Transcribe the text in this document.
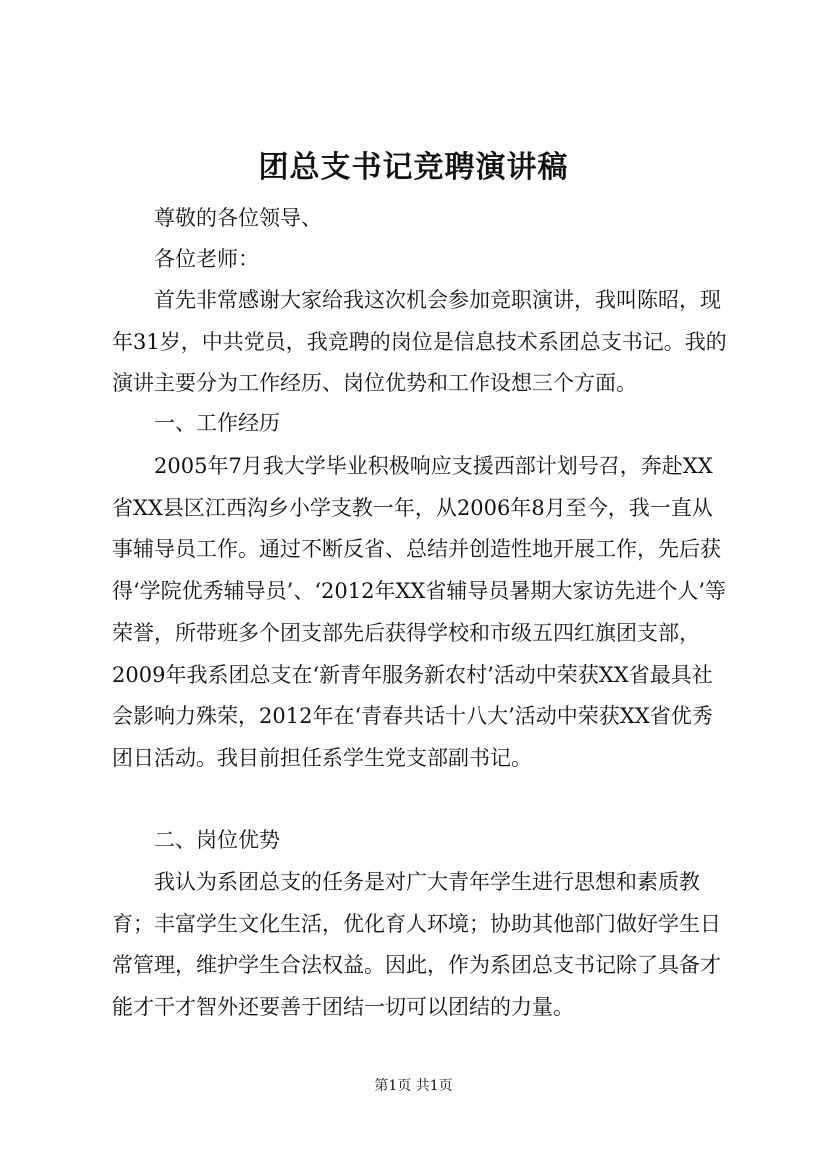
团总支书记竞聘演讲稿
尊敬的各位领导、
各位老师：
首先非常感谢大家给我这次机会参加竞职演讲，我叫陈昭，现年31岁，中共党员，我竞聘的岗位是信息技术系团总支书记。我的演讲主要分为工作经历、岗位优势和工作设想三个方面。
一、工作经历
2005年7月我大学毕业积极响应支援西部计划号召，奔赴XX省XX县区江西沟乡小学支教一年，从2006年8月至今，我一直从事辅导员工作。通过不断反省、总结并创造性地开展工作，先后获得‘学院优秀辅导员’、‘2012年XX省辅导员暑期大家访先进个人’等荣誉，所带班多个团支部先后获得学校和市级五四红旗团支部，2009年我系团总支在‘新青年服务新农村’活动中荣获XX省最具社会影响力殊荣，2012年在‘青春共话十八大’活动中荣获XX省优秀团日活动。我目前担任系学生党支部副书记。
二、岗位优势
我认为系团总支的任务是对广大青年学生进行思想和素质教育；丰富学生文化生活，优化育人环境；协助其他部门做好学生日常管理，维护学生合法权益。因此，作为系团总支书记除了具备才能才干才智外还要善于团结一切可以团结的力量。
第1页 共1页
